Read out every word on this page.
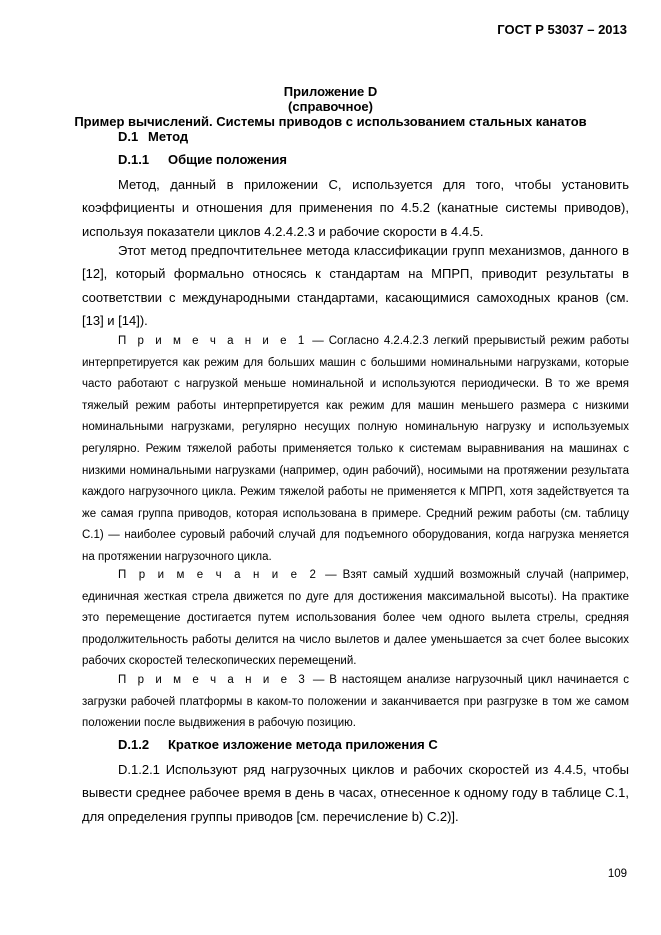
ГОСТ Р 53037 – 2013
Приложение D
(справочное)
Пример вычислений. Системы приводов с использованием стальных канатов
D.1 Метод
D.1.1 Общие положения

Метод, данный в приложении С, используется для того, чтобы установить коэффициенты и отношения для применения по 4.5.2 (канатные системы приводов), используя показатели циклов 4.2.4.2.3 и рабочие скорости в 4.4.5.

Этот метод предпочтительнее метода классификации групп механизмов, данного в [12], который формально относясь к стандартам на МПРП, приводит результаты в соответствии с международными стандартами, касающимися самоходных кранов (см. [13] и [14]).

П р и м е ч а н и е 1 — Согласно 4.2.4.2.3 легкий прерывистый режим работы интерпретируется как режим для больших машин с большими номинальными нагрузками, которые часто работают с нагрузкой меньше номинальной и используются периодически. В то же время тяжелый режим работы интерпретируется как режим для машин меньшего размера с низкими номинальными нагрузками, регулярно несущих полную номинальную нагрузку и используемых регулярно. Режим тяжелой работы применяется только к системам выравнивания на машинах с низкими номинальными нагрузками (например, один рабочий), носимыми на протяжении результата каждого нагрузочного цикла. Режим тяжелой работы не применяется к МПРП, хотя задействуется та же самая группа приводов, которая использована в примере. Средний режим работы (см. таблицу С.1) — наиболее суровый рабочий случай для подъемного оборудования, когда нагрузка меняется на протяжении нагрузочного цикла.

П р и м е ч а н и е 2 — Взят самый худший возможный случай (например, единичная жесткая стрела движется по дуге для достижения максимальной высоты). На практике это перемещение достигается путем использования более чем одного вылета стрелы, средняя продолжительность работы делится на число вылетов и далее уменьшается за счет более высоких рабочих скоростей телескопических перемещений.

П р и м е ч а н и е 3 — В настоящем анализе нагрузочный цикл начинается с загрузки рабочей платформы в каком-то положении и заканчивается при разгрузке в том же самом положении после выдвижения в рабочую позицию.

D.1.2 Краткое изложение метода приложения С

D.1.2.1 Используют ряд нагрузочных циклов и рабочих скоростей из 4.4.5, чтобы вывести среднее рабочее время в день в часах, отнесенное к одному году в таблице С.1, для определения группы приводов [см. перечисление b) С.2)].

109
